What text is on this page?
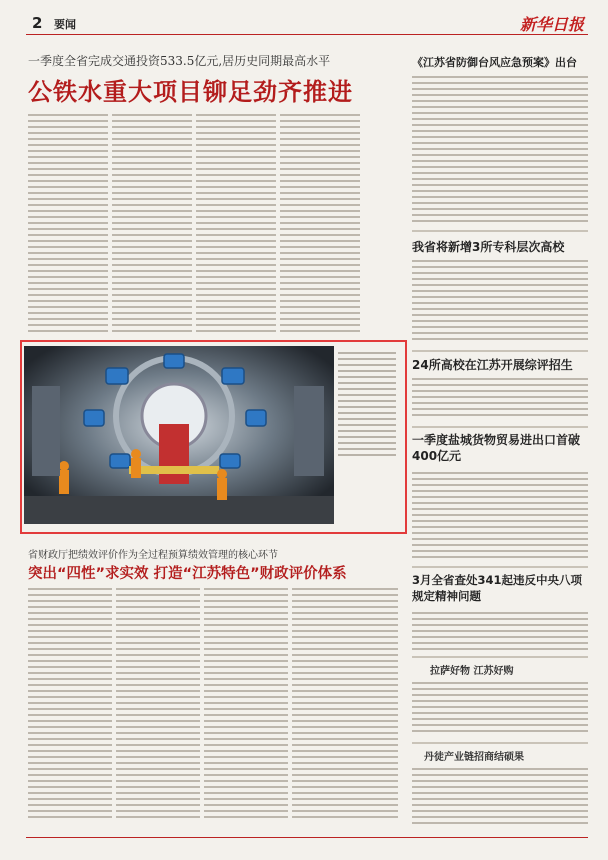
2 要闻	新华日报
一季度全省完成交通投资533.5亿元,居历史同期最高水平
公铁水重大项目铆足劲齐推进
省财政厅把绩效评价作为全过程预算绩效管理的核心环节
突出“四性”求实效 打造“江苏特色”财政评价体系
《江苏省防御台风应急预案》出台
我省将新增3所专科层次高校
24所高校在江苏开展综评招生
一季度盐城货物贸易进出口首破400亿元
3月全省查处341起违反中央八项规定精神问题
拉萨好物 江苏好购
丹徒产业链招商结硕果
